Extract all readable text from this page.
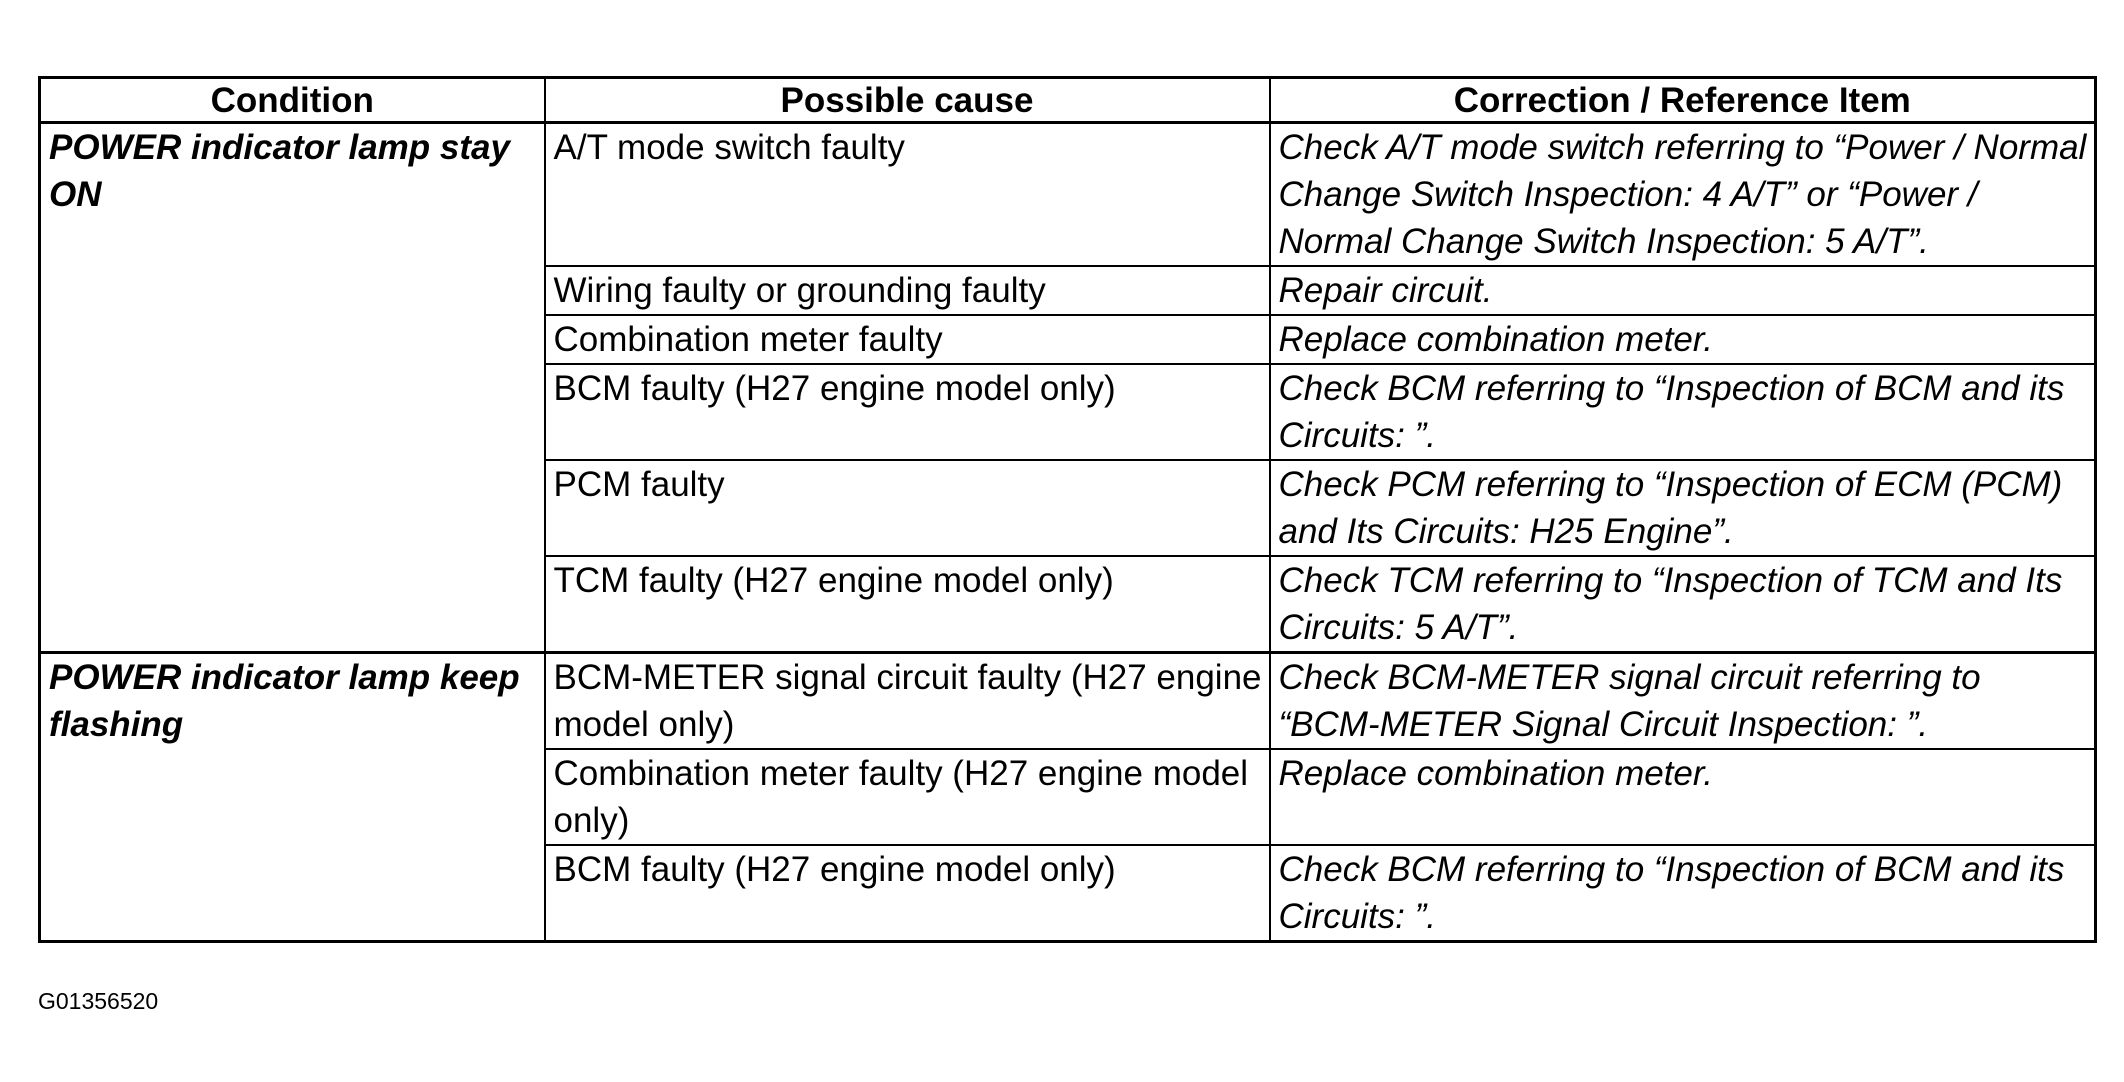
Condition	Possible cause	Correction / Reference Item
POWER indicator lamp stay ON	A/T mode switch faulty	Check A/T mode switch referring to “Power / Normal Change Switch Inspection: 4 A/T” or “Power / Normal Change Switch Inspection: 5 A/T”.
	Wiring faulty or grounding faulty	Repair circuit.
	Combination meter faulty	Replace combination meter.
	BCM faulty (H27 engine model only)	Check BCM referring to “Inspection of BCM and its Circuits: ”.
	PCM faulty	Check PCM referring to “Inspection of ECM (PCM) and Its Circuits: H25 Engine”.
	TCM faulty (H27 engine model only)	Check TCM referring to “Inspection of TCM and Its Circuits: 5 A/T”.
POWER indicator lamp keep flashing	BCM-METER signal circuit faulty (H27 engine model only)	Check BCM-METER signal circuit referring to “BCM-METER Signal Circuit Inspection: ”.
	Combination meter faulty (H27 engine model only)	Replace combination meter.
	BCM faulty (H27 engine model only)	Check BCM referring to “Inspection of BCM and its Circuits: ”.
G01356520
